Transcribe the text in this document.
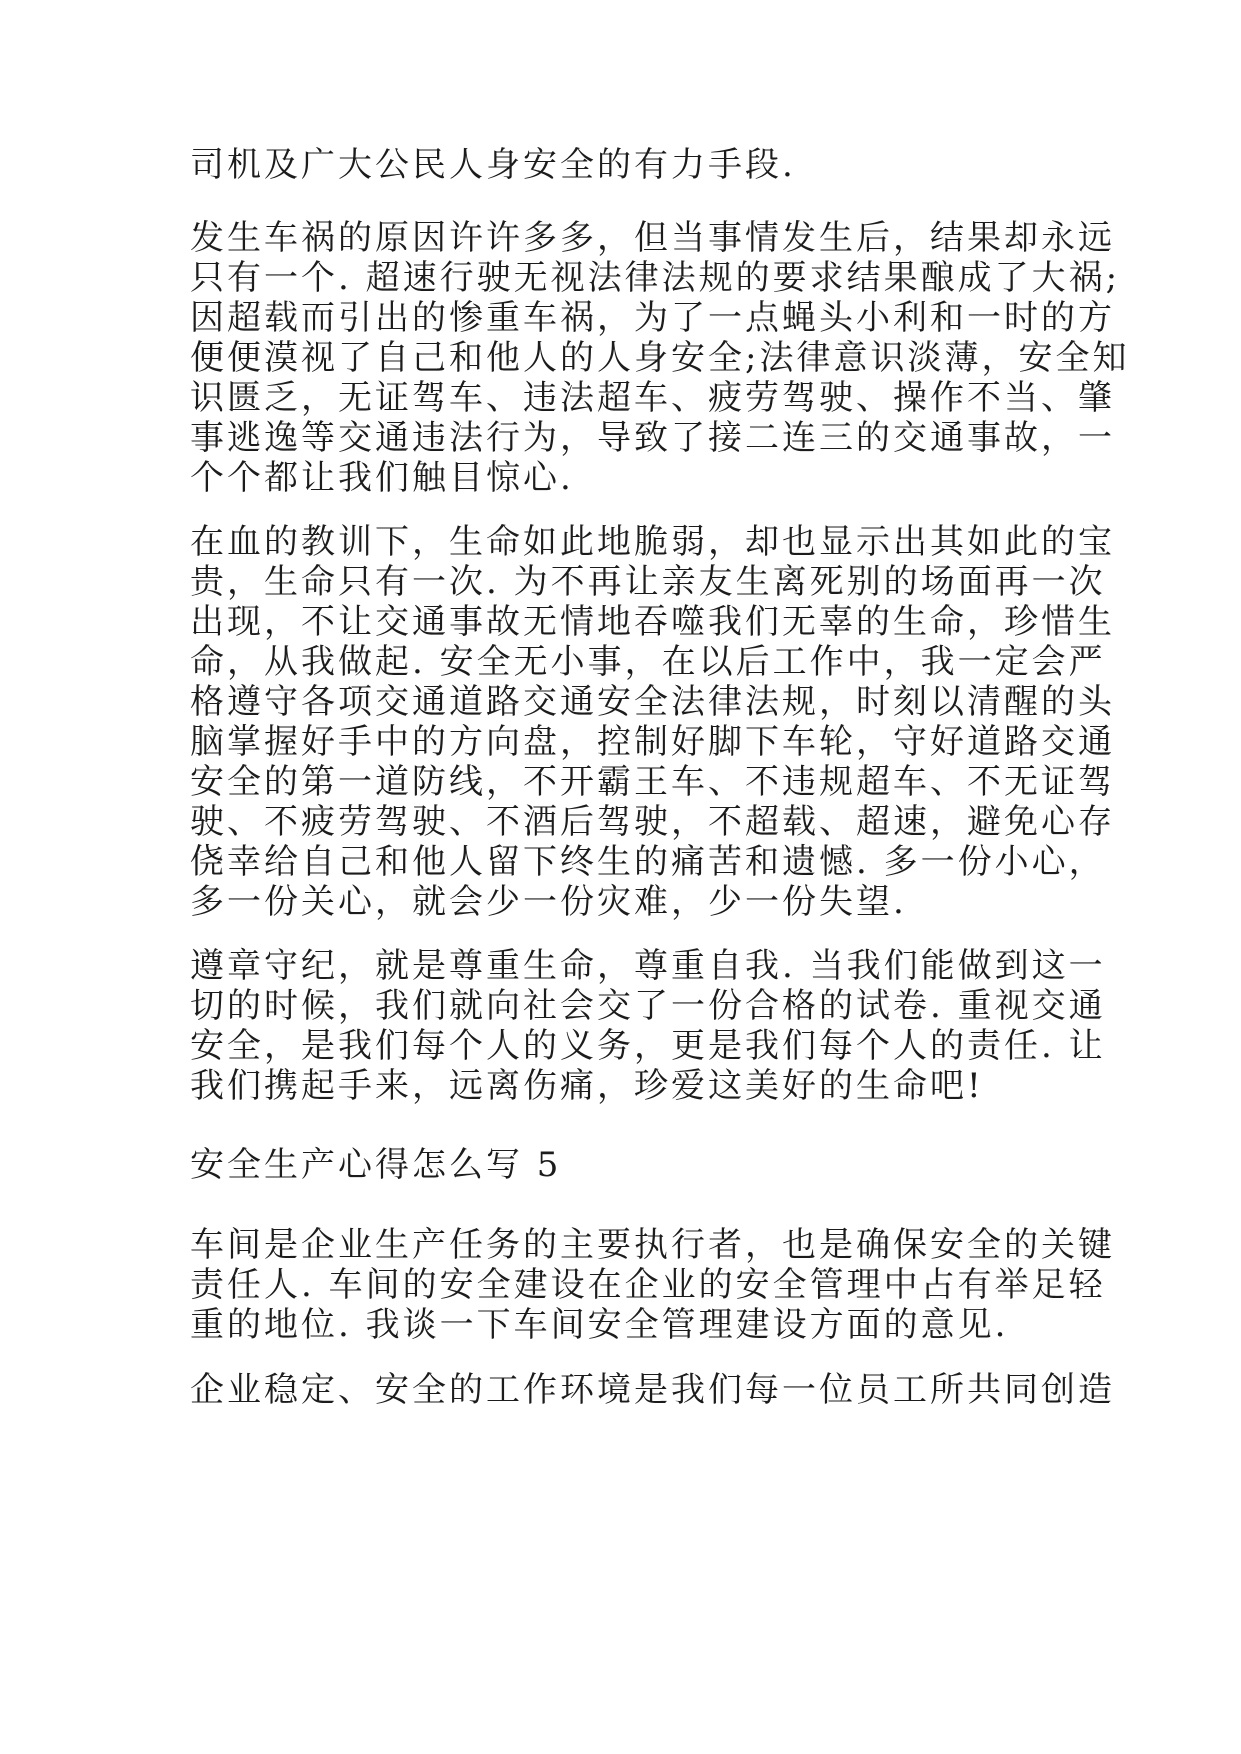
司机及广大公民人身安全的有力手段.
发生车祸的原因许许多多，但当事情发生后，结果却永远
只有一个. 超速行驶无视法律法规的要求结果酿成了大祸;
因超载而引出的惨重车祸，为了一点蝇头小利和一时的方
便便漠视了自己和他人的人身安全;法律意识淡薄，安全知
识匮乏，无证驾车、违法超车、疲劳驾驶、操作不当、肇
事逃逸等交通违法行为，导致了接二连三的交通事故，一
个个都让我们触目惊心.
在血的教训下，生命如此地脆弱，却也显示出其如此的宝
贵，生命只有一次. 为不再让亲友生离死别的场面再一次
出现，不让交通事故无情地吞噬我们无辜的生命，珍惜生
命，从我做起. 安全无小事，在以后工作中，我一定会严
格遵守各项交通道路交通安全法律法规，时刻以清醒的头
脑掌握好手中的方向盘，控制好脚下车轮，守好道路交通
安全的第一道防线，不开霸王车、不违规超车、不无证驾
驶、不疲劳驾驶、不酒后驾驶，不超载、超速，避免心存
侥幸给自己和他人留下终生的痛苦和遗憾. 多一份小心，
多一份关心，就会少一份灾难，少一份失望.
遵章守纪，就是尊重生命，尊重自我. 当我们能做到这一
切的时候，我们就向社会交了一份合格的试卷. 重视交通
安全，是我们每个人的义务，更是我们每个人的责任. 让
我们携起手来，远离伤痛，珍爱这美好的生命吧!
安全生产心得怎么写 5
车间是企业生产任务的主要执行者，也是确保安全的关键
责任人. 车间的安全建设在企业的安全管理中占有举足轻
重的地位. 我谈一下车间安全管理建设方面的意见.
企业稳定、安全的工作环境是我们每一位员工所共同创造
